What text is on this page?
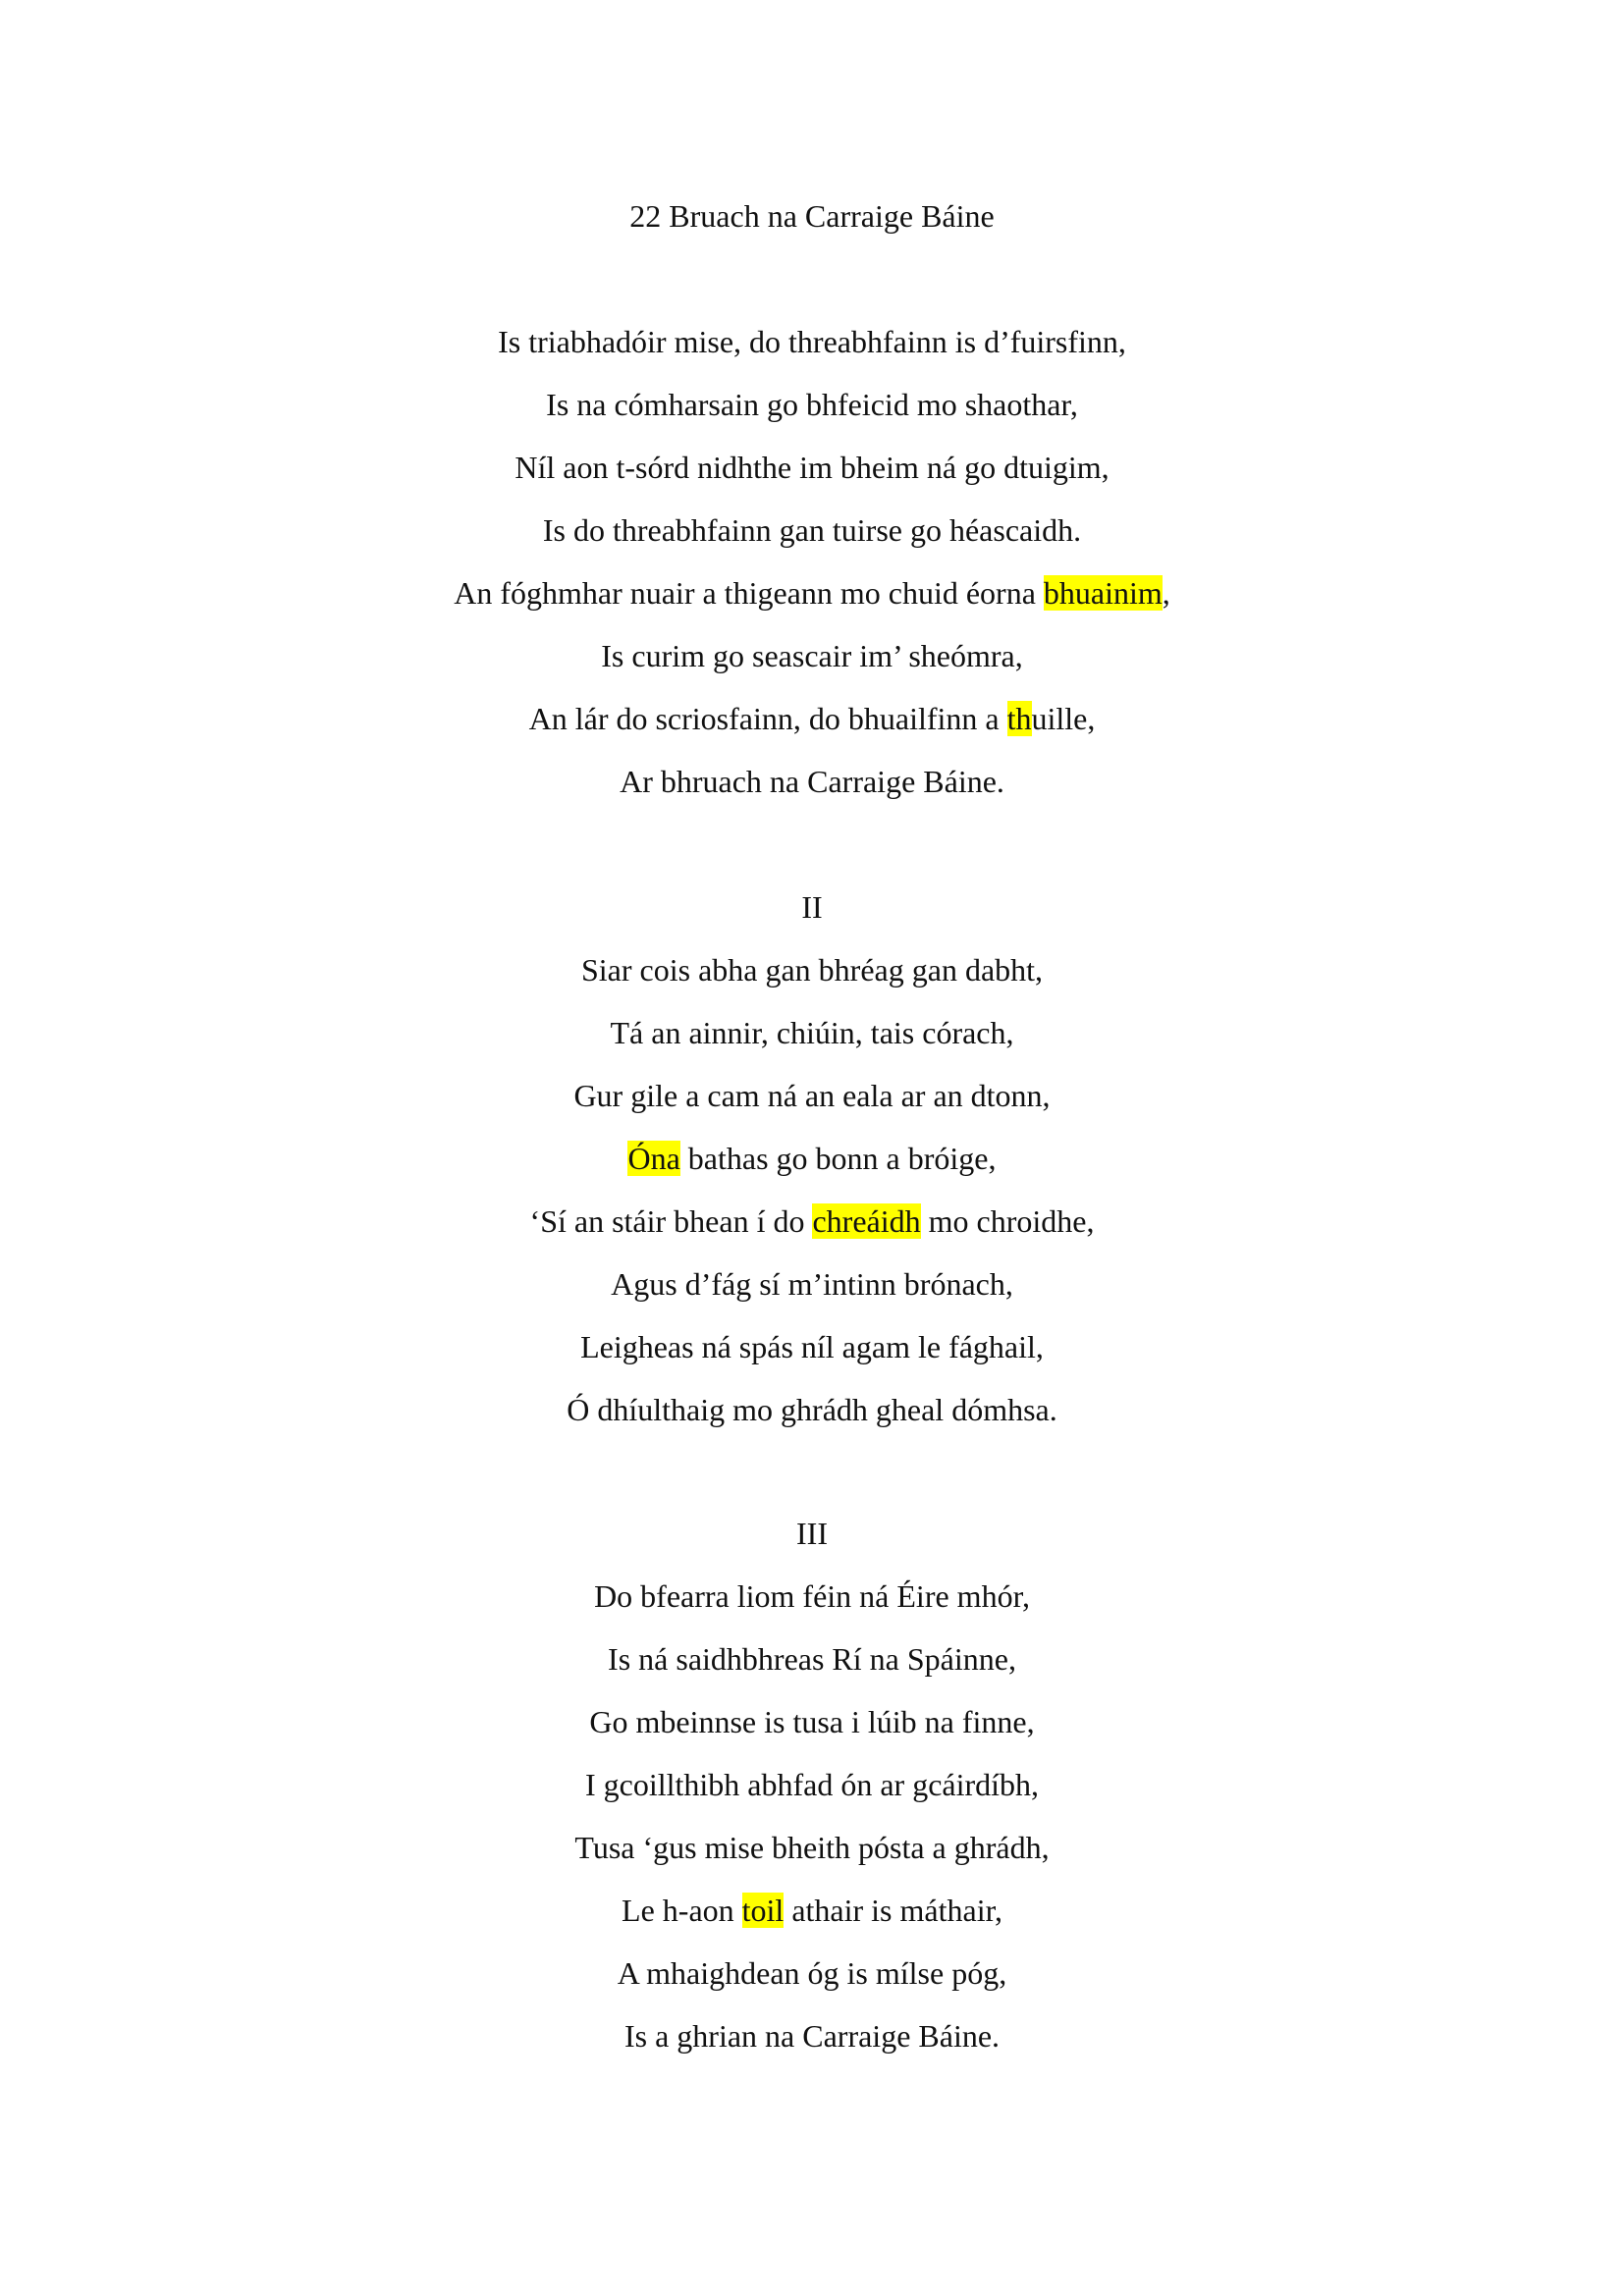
22 Bruach na Carraige Báine

Is triabhadóir mise, do threabhfainn is d’fuirsfinn,

Is na cómharsain go bhfeicid mo shaothar,

Níl aon t-sórd nidhthe im bheim ná go dtuigim,

Is do threabhfainn gan tuirse go héascaidh.

An fóghmhar nuair a thigeann mo chuid éorna bhuainim,

Is curim go seascair im’ sheómra,

An lár do scriosfainn, do bhuailfinn a thuille,

Ar bhruach na Carraige Báine.

II

Siar cois abha gan bhréag gan dabht,

Tá an ainnir, chiúin, tais córach,

Gur gile a cam ná an eala ar an dtonn,

Óna bathas go bonn a bróige,

‘Sí an stáir bhean í do chreáidh mo chroidhe,

Agus d’fág sí m’intinn brónach,

Leigheas ná spás níl agam le fághail,

Ó dhíulthaig mo ghrádh gheal dómhsa.

III

Do bfearra liom féin ná Éire mhór,

Is ná saidhbhreas Rí na Spáinne,

Go mbeinnse is tusa i lúib na finne,

I gcoillthibh abhfad ón ar gcáirdíbh,

Tusa ‘gus mise bheith pósta a ghrádh,

Le h-aon toil athair is máthair,

A mhaighdean óg is mílse póg,

Is a ghrian na Carraige Báine.
